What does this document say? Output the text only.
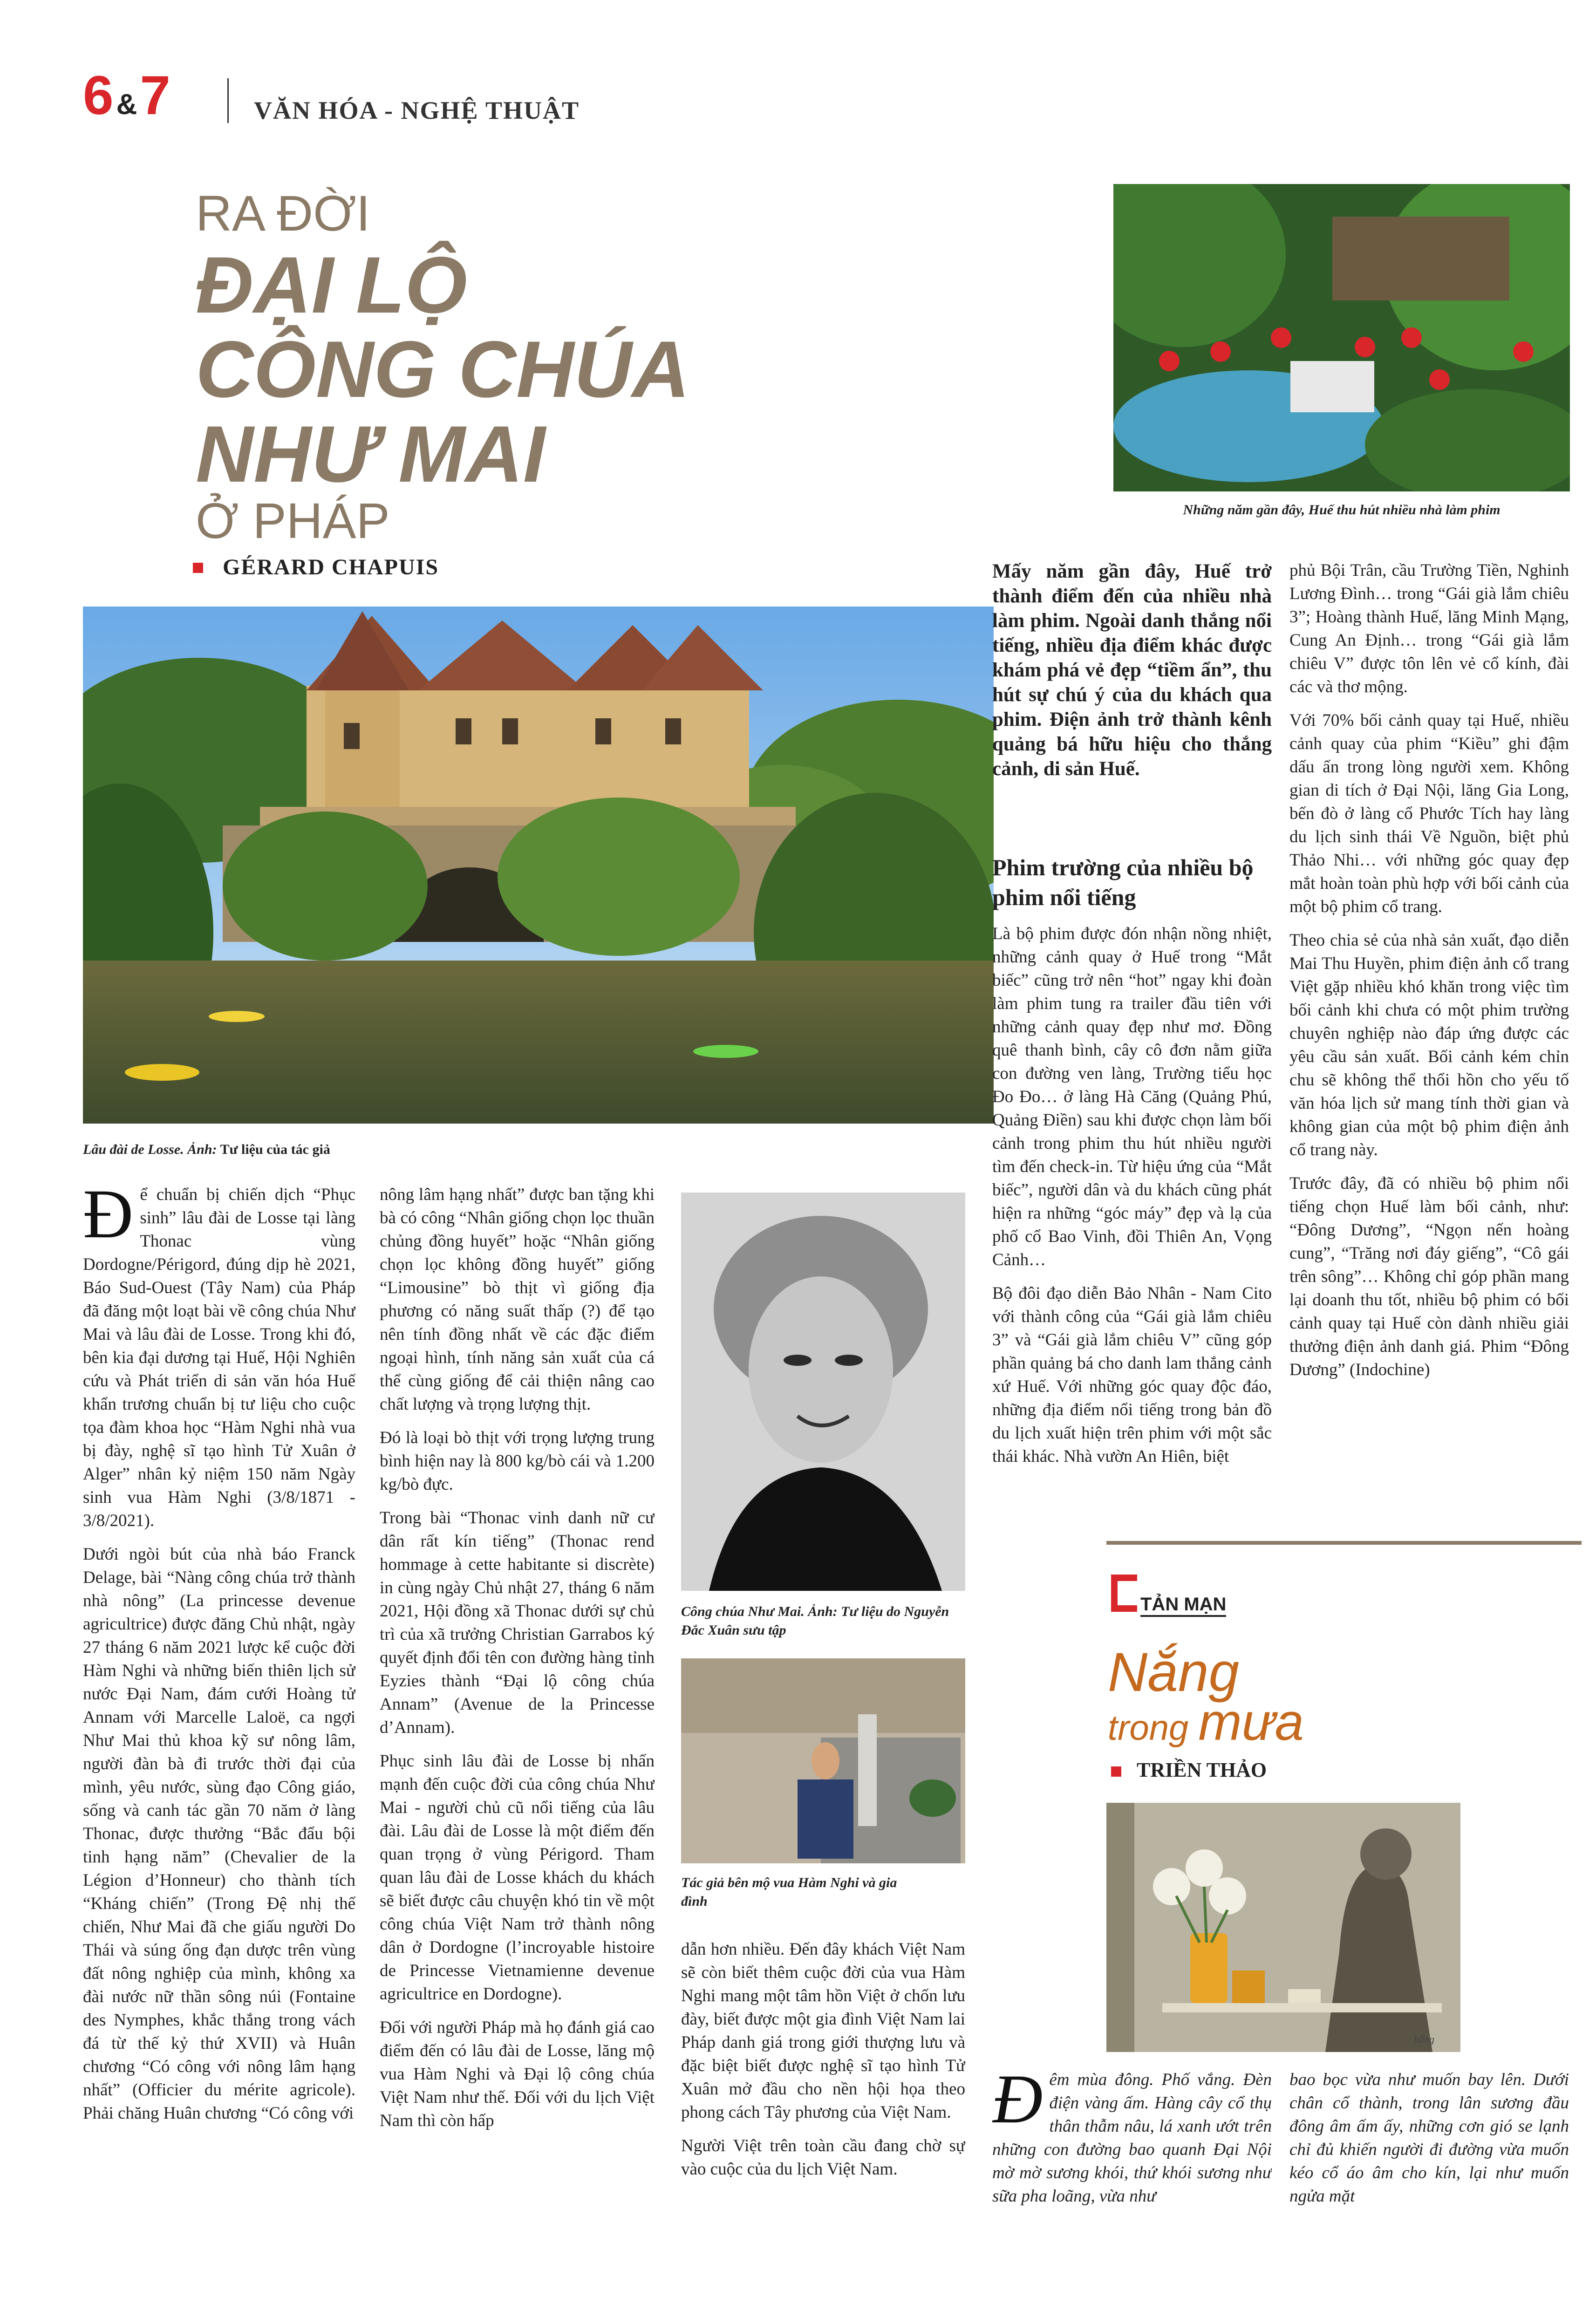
6&7	VĂN HÓA - NGHỆ THUẬT
RA ĐỜI
ĐẠI LỘ
CÔNG CHÚA
NHƯ MAI
Ở PHÁP
GÉRARD CHAPUIS
Lâu đài de Losse. Ảnh: Tư liệu của tác giả

Để chuẩn bị chiến dịch “Phục sinh” lâu đài de Losse tại làng Thonac vùng Dordogne/Périgord, đúng dịp hè 2021, Báo Sud-Ouest (Tây Nam) của Pháp đã đăng một loạt bài về công chúa Như Mai và lâu đài de Losse. Trong khi đó, bên kia đại dương tại Huế, Hội Nghiên cứu và Phát triển di sản văn hóa Huế khẩn trương chuẩn bị tư liệu cho cuộc tọa đàm khoa học “Hàm Nghi nhà vua bị đày, nghệ sĩ tạo hình Tử Xuân ở Alger” nhân kỷ niệm 150 năm Ngày sinh vua Hàm Nghi (3/8/1871 - 3/8/2021).

Dưới ngòi bút của nhà báo Franck Delage, bài “Nàng công chúa trở thành nhà nông” (La princesse devenue agricultrice) được đăng Chủ nhật, ngày 27 tháng 6 năm 2021 lược kể cuộc đời Hàm Nghi và những biến thiên lịch sử nước Đại Nam, đám cưới Hoàng tử Annam với Marcelle Laloë, ca ngợi Như Mai thủ khoa kỹ sư nông lâm, người đàn bà đi trước thời đại của mình, yêu nước, sùng đạo Công giáo, sống và canh tác gần 70 năm ở làng Thonac, được thưởng “Bắc đẩu bội tinh hạng năm” (Chevalier de la Légion d’Honneur) cho thành tích “Kháng chiến” (Trong Đệ nhị thế chiến, Như Mai đã che giấu người Do Thái và súng ống đạn dược trên vùng đất nông nghiệp của mình, không xa đài nước nữ thần sông núi (Fontaine des Nymphes, khắc thắng trong vách đá từ thế kỷ thứ XVII) và Huân chương “Có công với nông lâm hạng nhất” (Officier du mérite agricole). Phải chăng Huân chương “Có công với

nông lâm hạng nhất” được ban tặng khi bà có công “Nhân giống chọn lọc thuần chủng đồng huyết” hoặc “Nhân giống chọn lọc không đồng huyết” giống “Limousine” bò thịt vì giống địa phương có năng suất thấp (?) để tạo nên tính đồng nhất về các đặc điểm ngoại hình, tính năng sản xuất của cá thể cùng giống để cải thiện nâng cao chất lượng và trọng lượng thịt.

Đó là loại bò thịt với trọng lượng trung bình hiện nay là 800 kg/bò cái và 1.200 kg/bò đực.

Trong bài “Thonac vinh danh nữ cư dân rất kín tiếng” (Thonac rend hommage à cette habitante si discrète) in cùng ngày Chủ nhật 27, tháng 6 năm 2021, Hội đồng xã Thonac dưới sự chủ trì của xã trưởng Christian Garrabos ký quyết định đổi tên con đường hàng tỉnh Eyzies thành “Đại lộ công chúa Annam” (Avenue de la Princesse d’Annam).

Phục sinh lâu đài de Losse bị nhấn mạnh đến cuộc đời của công chúa Như Mai - người chủ cũ nổi tiếng của lâu đài. Lâu đài de Losse là một điểm đến quan trọng ở vùng Périgord. Tham quan lâu đài de Losse khách du khách sẽ biết được câu chuyện khó tin về một công chúa Việt Nam trở thành nông dân ở Dordogne (l’incroyable histoire de Princesse Vietnamienne devenue agricultrice en Dordogne).

Đối với người Pháp mà họ đánh giá cao điểm đến có lâu đài de Losse, lăng mộ vua Hàm Nghi và Đại lộ công chúa Việt Nam như thế. Đối với du lịch Việt Nam thì còn hấp

Công chúa Như Mai. Ảnh: Tư liệu do Nguyễn Đắc Xuân sưu tập
Tác giả bên mộ vua Hàm Nghi và gia đình

dẫn hơn nhiều. Đến đây khách Việt Nam sẽ còn biết thêm cuộc đời của vua Hàm Nghi mang một tâm hồn Việt ở chốn lưu đày, biết được một gia đình Việt Nam lai Pháp danh giá trong giới thượng lưu và đặc biệt biết được nghệ sĩ tạo hình Tử Xuân mở đầu cho nền hội họa theo phong cách Tây phương của Việt Nam.

Người Việt trên toàn cầu đang chờ sự vào cuộc của du lịch Việt Nam.

Những năm gần đây, Huế thu hút nhiều nhà làm phim
Mấy năm gần đây, Huế trở thành điểm đến của nhiều nhà làm phim. Ngoài danh thắng nổi tiếng, nhiều địa điểm khác được khám phá vẻ đẹp “tiềm ẩn”, thu hút sự chú ý của du khách qua phim. Điện ảnh trở thành kênh quảng bá hữu hiệu cho thắng cảnh, di sản Huế.
Phim trường của nhiều bộ phim nổi tiếng

Là bộ phim được đón nhận nồng nhiệt, những cảnh quay ở Huế trong “Mắt biếc” cũng trở nên “hot” ngay khi đoàn làm phim tung ra trailer đầu tiên với những cảnh quay đẹp như mơ. Đồng quê thanh bình, cây cô đơn nằm giữa con đường ven làng, Trường tiểu học Đo Đo… ở làng Hà Căng (Quảng Phú, Quảng Điền) sau khi được chọn làm bối cảnh trong phim thu hút nhiều người tìm đến check-in. Từ hiệu ứng của “Mắt biếc”, người dân và du khách cũng phát hiện ra những “góc máy” đẹp và lạ của phố cổ Bao Vinh, đồi Thiên An, Vọng Cảnh…

Bộ đôi đạo diễn Bảo Nhân - Nam Cito với thành công của “Gái già lắm chiêu 3” và “Gái già lắm chiêu V” cũng góp phần quảng bá cho danh lam thắng cảnh xứ Huế. Với những góc quay độc đáo, những địa điểm nổi tiếng trong bản đồ du lịch xuất hiện trên phim với một sắc thái khác. Nhà vườn An Hiên, biệt

phủ Bội Trân, cầu Trường Tiền, Nghinh Lương Đình… trong “Gái già lắm chiêu 3”; Hoàng thành Huế, lăng Minh Mạng, Cung An Định… trong “Gái già lắm chiêu V” được tôn lên vẻ cổ kính, đài các và thơ mộng.

Với 70% bối cảnh quay tại Huế, nhiều cảnh quay của phim “Kiều” ghi đậm dấu ấn trong lòng người xem. Không gian di tích ở Đại Nội, lăng Gia Long, bến đò ở làng cổ Phước Tích hay làng du lịch sinh thái Về Nguồn, biệt phủ Thảo Nhi… với những góc quay đẹp mắt hoàn toàn phù hợp với bối cảnh của một bộ phim cổ trang.

Theo chia sẻ của nhà sản xuất, đạo diễn Mai Thu Huyền, phim điện ảnh cổ trang Việt gặp nhiều khó khăn trong việc tìm bối cảnh khi chưa có một phim trường chuyên nghiệp nào đáp ứng được các yêu cầu sản xuất. Bối cảnh kém chỉn chu sẽ không thể thổi hồn cho yếu tố văn hóa lịch sử mang tính thời gian và không gian của một bộ phim điện ảnh cổ trang này.

Trước đây, đã có nhiều bộ phim nổi tiếng chọn Huế làm bối cảnh, như: “Đông Dương”, “Ngọn nến hoàng cung”, “Trăng nơi đáy giếng”, “Cô gái trên sông”… Không chỉ góp phần mang lại doanh thu tốt, nhiều bộ phim có bối cảnh quay tại Huế còn dành nhiều giải thưởng điện ảnh danh giá. Phim “Đông Dương” (Indochine)

TẢN MẠN
Nắng
trong mưa
TRIỀN THẢO
hằng
Đêm mùa đông. Phố vắng. Đèn điện vàng ấm. Hàng cây cổ thụ thân thẫm nâu, lá xanh ướt trên những con đường bao quanh Đại Nội mờ mờ sương khói, thứ khói sương như sữa pha loãng, vừa như
bao bọc vừa như muốn bay lên. Dưới chân cổ thành, trong lân sương đầu đông âm ấm ấy, những cơn gió se lạnh chỉ đủ khiến người đi đường vừa muốn kéo cổ áo âm cho kín, lại như muốn ngửa mặt
